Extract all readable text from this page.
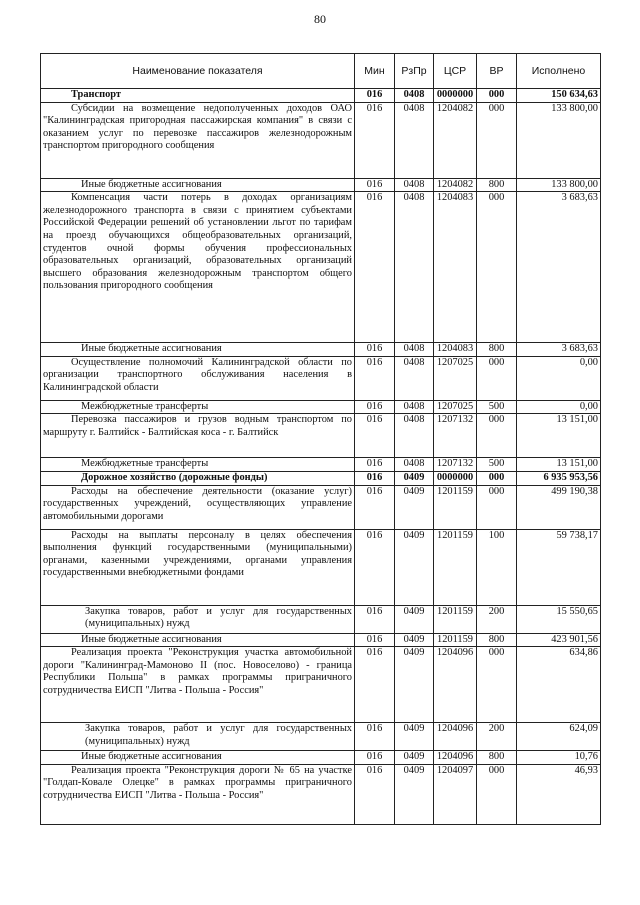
80
Наименование показателя	Мин	РзПр	ЦСР	ВР	Исполнено
Транспорт	016	0408	0000000	000	150 634,63
Субсидии на возмещение недополученных доходов ОАО "Калининградская пригородная пассажирская компания" в связи с оказанием услуг по перевозке пассажиров железнодорожным транспортом пригородного сообщения	016	0408	1204082	000	133 800,00
Иные бюджетные ассигнования	016	0408	1204082	800	133 800,00
Компенсация части потерь в доходах организациям железнодорожного транспорта в связи с принятием субъектами Российской Федерации решений об установлении льгот по тарифам на проезд обучающихся общеобразовательных организаций, студентов очной формы обучения профессиональных образовательных организаций, образовательных организаций высшего образования железнодорожным транспортом общего пользования пригородного сообщения	016	0408	1204083	000	3 683,63
Иные бюджетные ассигнования	016	0408	1204083	800	3 683,63
Осуществление полномочий Калининградской области по организации транспортного обслуживания населения в Калининградской области	016	0408	1207025	000	0,00
Межбюджетные трансферты	016	0408	1207025	500	0,00
Перевозка пассажиров и грузов водным транспортом по маршруту г. Балтийск - Балтийская коса - г. Балтийск	016	0408	1207132	000	13 151,00
Межбюджетные трансферты	016	0408	1207132	500	13 151,00
Дорожное хозяйство (дорожные фонды)	016	0409	0000000	000	6 935 953,56
Расходы на обеспечение деятельности (оказание услуг) государственных учреждений, осуществляющих управление автомобильными дорогами	016	0409	1201159	000	499 190,38
Расходы на выплаты персоналу в целях обеспечения выполнения функций государственными (муниципальными) органами, казенными учреждениями, органами управления государственными внебюджетными фондами	016	0409	1201159	100	59 738,17
Закупка товаров, работ и услуг для государственных (муниципальных) нужд	016	0409	1201159	200	15 550,65
Иные бюджетные ассигнования	016	0409	1201159	800	423 901,56
Реализация проекта "Реконструкция участка автомобильной дороги "Калининград-Мамоново II (пос. Новоселово) - граница Республики Польша" в рамках программы приграничного сотрудничества ЕИСП "Литва - Польша - Россия"	016	0409	1204096	000	634,86
Закупка товаров, работ и услуг для государственных (муниципальных) нужд	016	0409	1204096	200	624,09
Иные бюджетные ассигнования	016	0409	1204096	800	10,76
Реализация проекта "Реконструкция дороги № 65 на участке "Голдап-Ковале Олецке" в рамках программы приграничного сотрудничества ЕИСП "Литва - Польша - Россия"	016	0409	1204097	000	46,93
